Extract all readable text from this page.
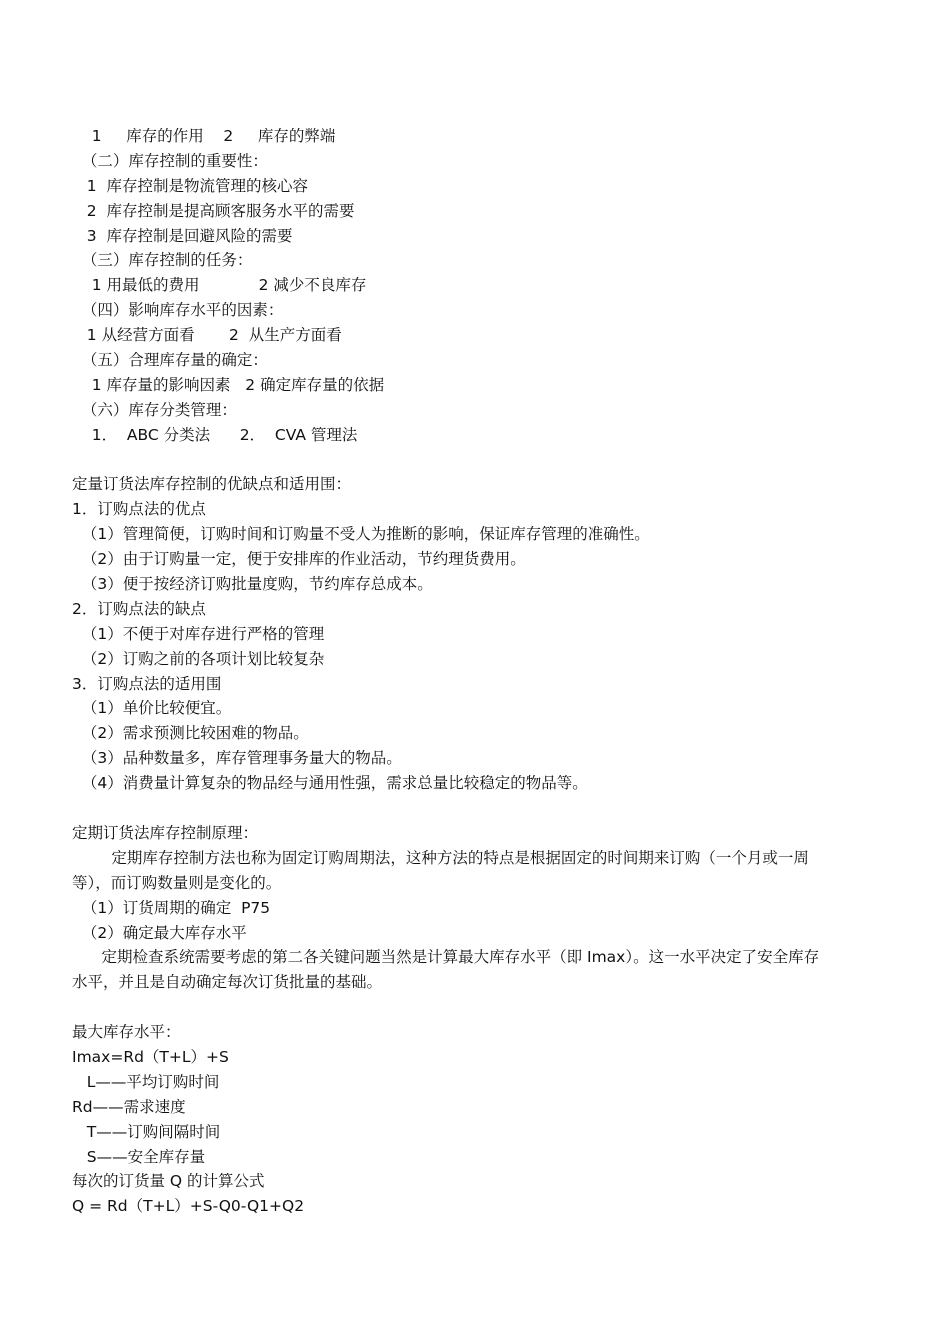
1     库存的作用    2     库存的弊端
（二）库存控制的重要性：
1  库存控制是物流管理的核心容
2  库存控制是提高顾客服务水平的需要
3  库存控制是回避风险的需要
（三）库存控制的任务：
1 用最低的费用            2 减少不良库存
（四）影响库存水平的因素：
1 从经营方面看       2  从生产方面看
（五）合理库存量的确定：
1 库存量的影响因素   2 确定库存量的依据
（六）库存分类管理：
1．  ABC 分类法      2．  CVA 管理法
定量订货法库存控制的优缺点和适用围：
1．订购点法的优点
（1）管理简便，订购时间和订购量不受人为推断的影响，保证库存管理的准确性。
（2）由于订购量一定，便于安排库的作业活动，节约理货费用。
（3）便于按经济订购批量度购，节约库存总成本。
2．订购点法的缺点
（1）不便于对库存进行严格的管理
（2）订购之前的各项计划比较复杂
3．订购点法的适用围
（1）单价比较便宜。
（2）需求预测比较困难的物品。
（3）品种数量多，库存管理事务量大的物品。
（4）消费量计算复杂的物品经与通用性强，需求总量比较稳定的物品等。
定期订货法库存控制原理：
定期库存控制方法也称为固定订购周期法，这种方法的特点是根据固定的时间期来订购（一个月或一周
等），而订购数量则是变化的。
（1）订货周期的确定  P75
（2）确定最大库存水平
定期检查系统需要考虑的第二各关键问题当然是计算最大库存水平（即 Imax）。这一水平决定了安全库存
水平，并且是自动确定每次订货批量的基础。
最大库存水平：
Imax=Rd（T+L）+S
L——平均订购时间
Rd——需求速度
T——订购间隔时间
S——安全库存量
每次的订货量 Q 的计算公式
Q = Rd（T+L）+S-Q0-Q1+Q2
